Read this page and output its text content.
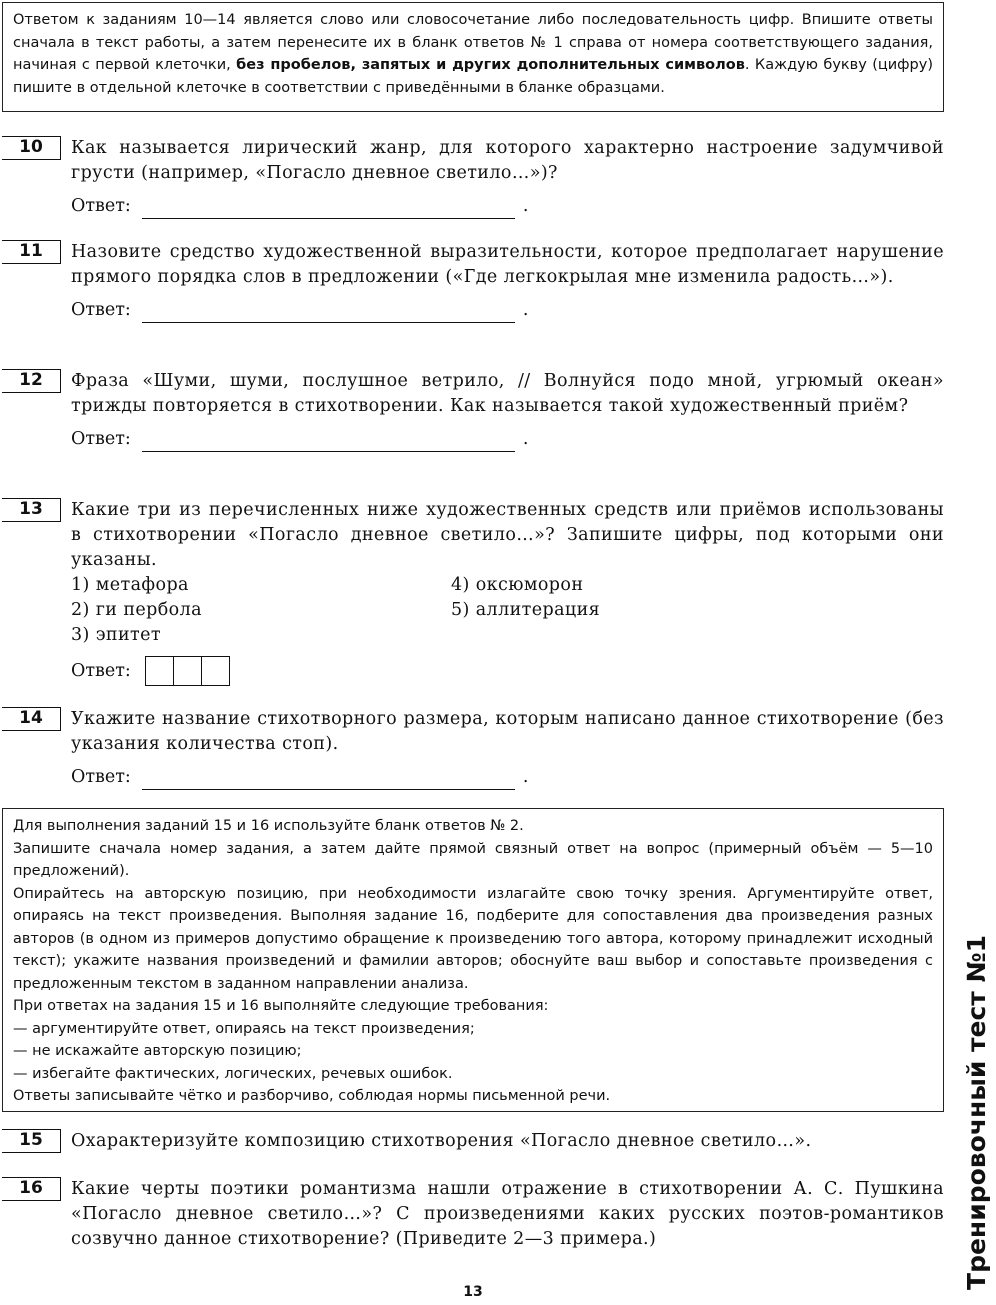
Ответом к заданиям 10—14 является слово или словосочетание либо последовательность цифр. Впишите ответы сначала в текст работы, а затем перенесите их в бланк ответов № 1 справа от номера соответствующего задания, начиная с первой клеточки, без пробелов, запятых и других дополнительных символов. Каждую букву (цифру) пишите в отдельной клеточке в соответствии с приведёнными в бланке образцами.

10	Как называется лирический жанр, для которого характерно настроение задумчивой грусти (например, «Погасло дневное светило…»)?
Ответ:	.
11	Назовите средство художественной выразительности, которое предполагает нарушение прямого порядка слов в предложении («Где легкокрылая мне изменила радость…»).
Ответ:	.
12	Фраза «Шуми, шуми, послушное ветрило, // Волнуйся подо мной, угрюмый океан» трижды повторяется в стихотворении. Как называется такой художественный приём?
Ответ:	.
13	Какие три из перечисленных ниже художественных средств или приёмов использованы в стихотворении «Погасло дневное светило…»? Запишите цифры, под которыми они указаны.
1) метафора	4) оксюморон
2) ги пербола	5) аллитерация
3) эпитет
Ответ:
14	Укажите название стихотворного размера, которым написано данное стихотворение (без указания количества стоп).
Ответ:	.

Для выполнения заданий 15 и 16 используйте бланк ответов № 2.

Запишите сначала номер задания, а затем дайте прямой связный ответ на вопрос (примерный объём — 5—10 предложений).

Опирайтесь на авторскую позицию, при необходимости излагайте свою точку зрения. Аргументируйте ответ, опираясь на текст произведения. Выполняя задание 16, подберите для сопоставления два произведения разных авторов (в одном из примеров допустимо обращение к произведению того автора, которому принадлежит исходный текст); укажите названия произведений и фамилии авторов; обоснуйте ваш выбор и сопоставьте произведения с предложенным текстом в заданном направлении анализа.

При ответах на задания 15 и 16 выполняйте следующие требования:

— аргументируйте ответ, опираясь на текст произведения;

— не искажайте авторскую позицию;

— избегайте фактических, логических, речевых ошибок.

Ответы записывайте чётко и разборчиво, соблюдая нормы письменной речи.

15	Охарактеризуйте композицию стихотворения «Погасло дневное светило…».
16	Какие черты поэтики романтизма нашли отражение в стихотворении А. С. Пушкина «Погасло дневное светило…»? С произведениями каких русских поэтов-романтиков созвучно данное стихотворение? (Приведите 2—3 примера.)	Тренировочный тест №1
13
